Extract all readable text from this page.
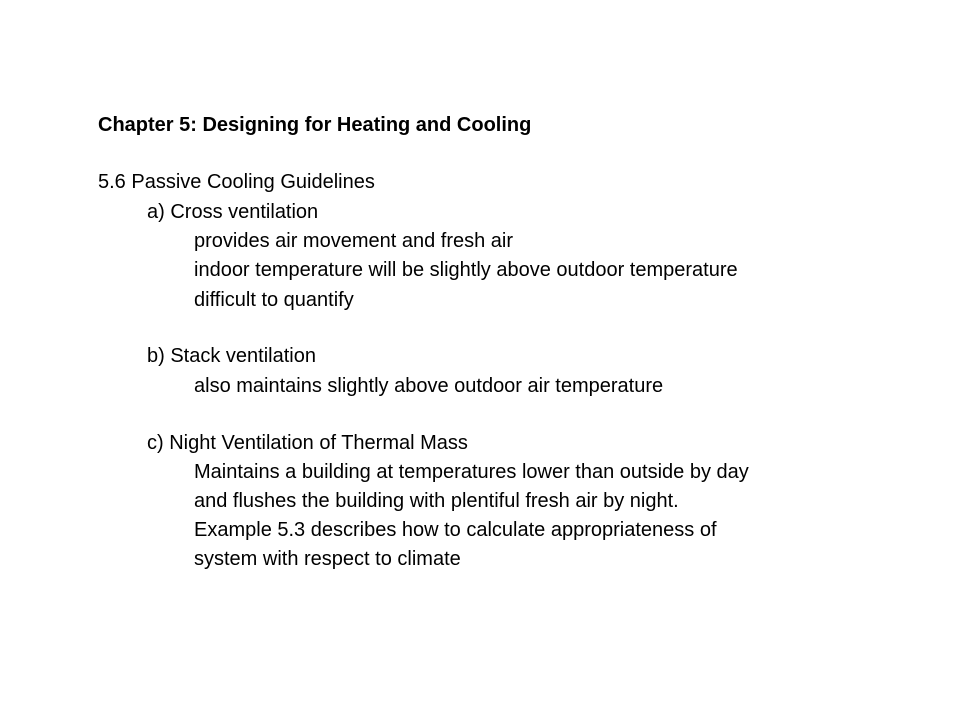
Chapter 5: Designing for Heating and Cooling
5.6 Passive Cooling Guidelines
a) Cross ventilation
provides air movement and fresh air
indoor temperature will be slightly above outdoor temperature
difficult to quantify
b) Stack ventilation
also maintains slightly above outdoor air temperature
c) Night Ventilation of Thermal Mass
Maintains a building at temperatures lower than outside by day
and flushes the building with plentiful fresh air by night.
Example 5.3 describes how to calculate appropriateness of
system with respect to climate
